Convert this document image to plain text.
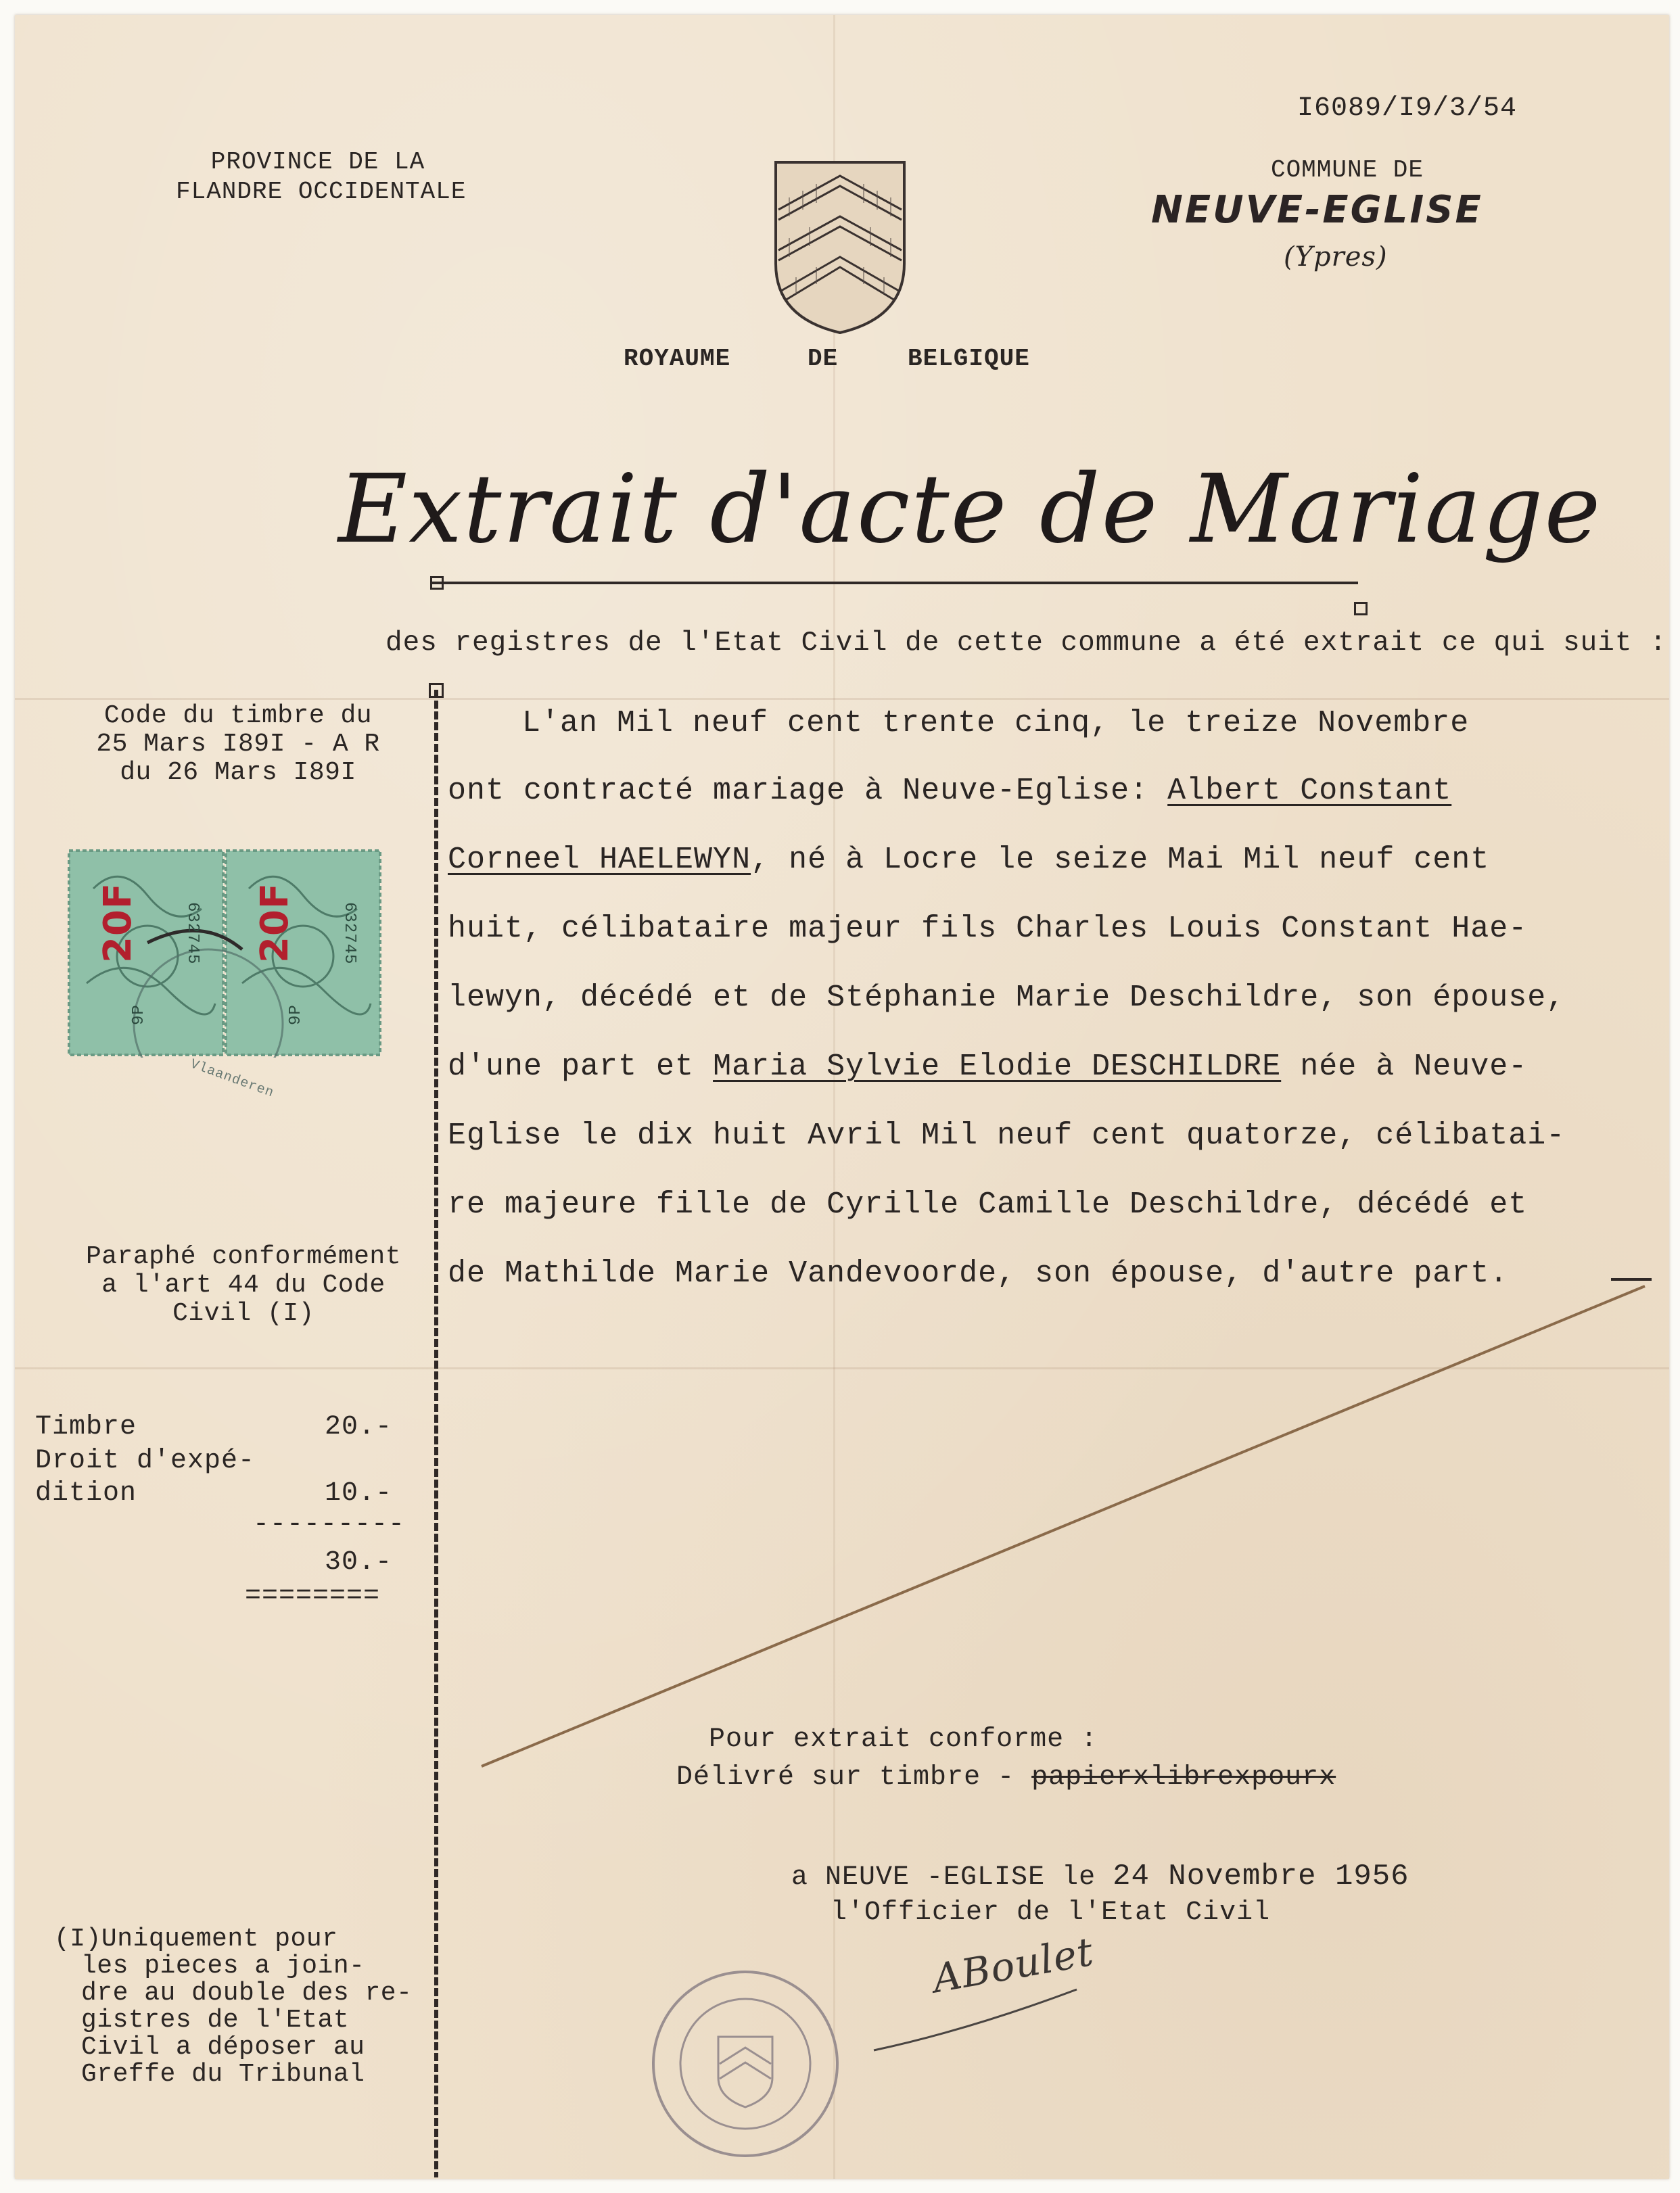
I6089/I9/3/54
PROVINCE DE LA
FLANDRE OCCIDENTALE
COMMUNE DE
NEUVE-EGLISE
(Ypres)
ROYAUME	DE	BELGIQUE
Extrait d'acte de Mariage
des registres de l'Etat Civil de cette commune a été extrait ce qui suit :
Code du timbre du
25 Mars I89I - A R
du 26 Mars I89I
20F	20F
632745	632745
9P	9P
Vlaanderen
Paraphé conformément
a l'art 44 du Code
Civil (I)
Timbre	20.-
Droit d'expé-
dition	10.-
---------
30.-
========
L'an Mil neuf cent trente cinq, le treize Novembre
ont contracté mariage à Neuve-Eglise: Albert Constant
Corneel HAELEWYN, né à Locre le seize Mai Mil neuf cent
huit, célibataire majeur fils Charles Louis Constant Hae-
lewyn, décédé et de Stéphanie Marie Deschildre, son épouse,
d'une part et Maria Sylvie Elodie DESCHILDRE née à Neuve-
Eglise le dix huit Avril Mil neuf cent quatorze, célibatai-
re majeure fille de Cyrille Camille Deschildre, décédé et
de Mathilde Marie Vandevoorde, son épouse, d'autre part.
Pour extrait conforme :
Délivré sur timbre - papierxlibrexpourx
a NEUVE -EGLISE le 24 Novembre 1956
l'Officier de l'Etat Civil
ABoulet
(I)Uniquement pour
les pieces a join-
dre au double des re-
gistres de l'Etat
Civil a déposer au
Greffe du Tribunal
